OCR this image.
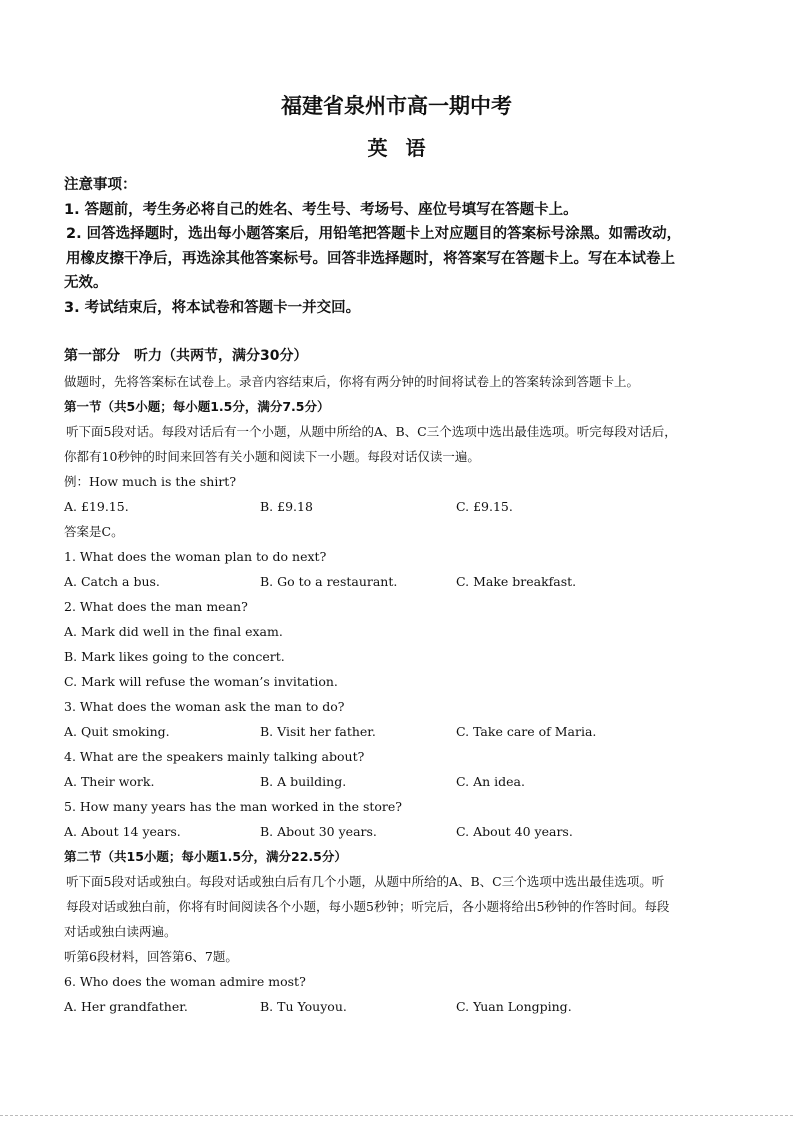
福建省泉州市高一期中考
英语

注意事项：

1. 答题前，考生务必将自己的姓名、考生号、考场号、座位号填写在答题卡上。

2. 回答选择题时，选出每小题答案后，用铅笔把答题卡上对应题目的答案标号涂黑。如需改动，

用橡皮擦干净后，再选涂其他答案标号。回答非选择题时，将答案写在答题卡上。写在本试卷上

无效。

3. 考试结束后，将本试卷和答题卡一并交回。

第一部分　听力（共两节，满分30分）

做题时，先将答案标在试卷上。录音内容结束后，你将有两分钟的时间将试卷上的答案转涂到答题卡上。

第一节（共5小题；每小题1.5分，满分7.5分）

听下面5段对话。每段对话后有一个小题，从题中所给的A、B、C三个选项中选出最佳选项。听完每段对话后，

你都有10秒钟的时间来回答有关小题和阅读下一小题。每段对话仅读一遍。

例：How much is the shirt?

A. £19.15.	B. £9.18	C. £9.15.

答案是C。

1. What does the woman plan to do next?

A. Catch a bus.	B. Go to a restaurant.	C. Make breakfast.

2. What does the man mean?

A. Mark did well in the final exam.

B. Mark likes going to the concert.

C. Mark will refuse the woman’s invitation.

3. What does the woman ask the man to do?

A. Quit smoking.	B. Visit her father.	C. Take care of Maria.

4. What are the speakers mainly talking about?

A. Their work.	B. A building.	C. An idea.

5. How many years has the man worked in the store?

A. About 14 years.	B. About 30 years.	C. About 40 years.

第二节（共15小题；每小题1.5分，满分22.5分）

听下面5段对话或独白。每段对话或独白后有几个小题，从题中所给的A、B、C三个选项中选出最佳选项。听

每段对话或独白前，你将有时间阅读各个小题，每小题5秒钟；听完后，各小题将给出5秒钟的作答时间。每段

对话或独白读两遍。

听第6段材料，回答第6、7题。

6. Who does the woman admire most?

A. Her grandfather.	B. Tu Youyou.	C. Yuan Longping.
